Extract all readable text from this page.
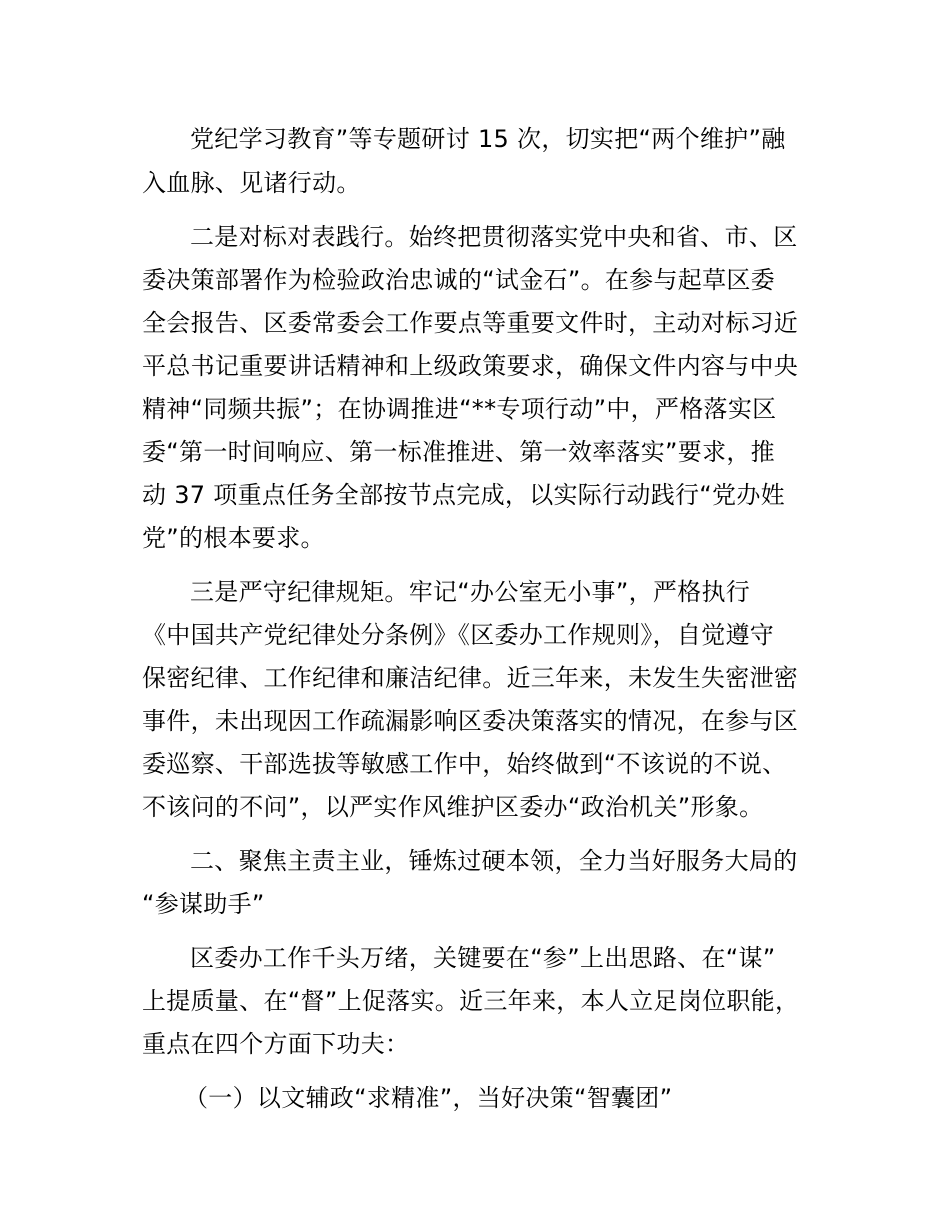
党纪学习教育”等专题研讨 15 次，切实把“两个维护”融
入血脉、见诸行动。
二是对标对表践行。始终把贯彻落实党中央和省、市、区
委决策部署作为检验政治忠诚的“试金石”。在参与起草区委
全会报告、区委常委会工作要点等重要文件时，主动对标习近
平总书记重要讲话精神和上级政策要求，确保文件内容与中央
精神“同频共振”；在协调推进“**专项行动”中，严格落实区
委“第一时间响应、第一标准推进、第一效率落实”要求，推
动 37 项重点任务全部按节点完成，以实际行动践行“党办姓
党”的根本要求。
三是严守纪律规矩。牢记“办公室无小事”，严格执行
《中国共产党纪律处分条例》《区委办工作规则》，自觉遵守
保密纪律、工作纪律和廉洁纪律。近三年来，未发生失密泄密
事件，未出现因工作疏漏影响区委决策落实的情况，在参与区
委巡察、干部选拔等敏感工作中，始终做到“不该说的不说、
不该问的不问”，以严实作风维护区委办“政治机关”形象。
二、聚焦主责主业，锤炼过硬本领，全力当好服务大局的
“参谋助手”
区委办工作千头万绪，关键要在“参”上出思路、在“谋”
上提质量、在“督”上促落实。近三年来，本人立足岗位职能，
重点在四个方面下功夫：
（一）以文辅政“求精准”，当好决策“智囊团”
